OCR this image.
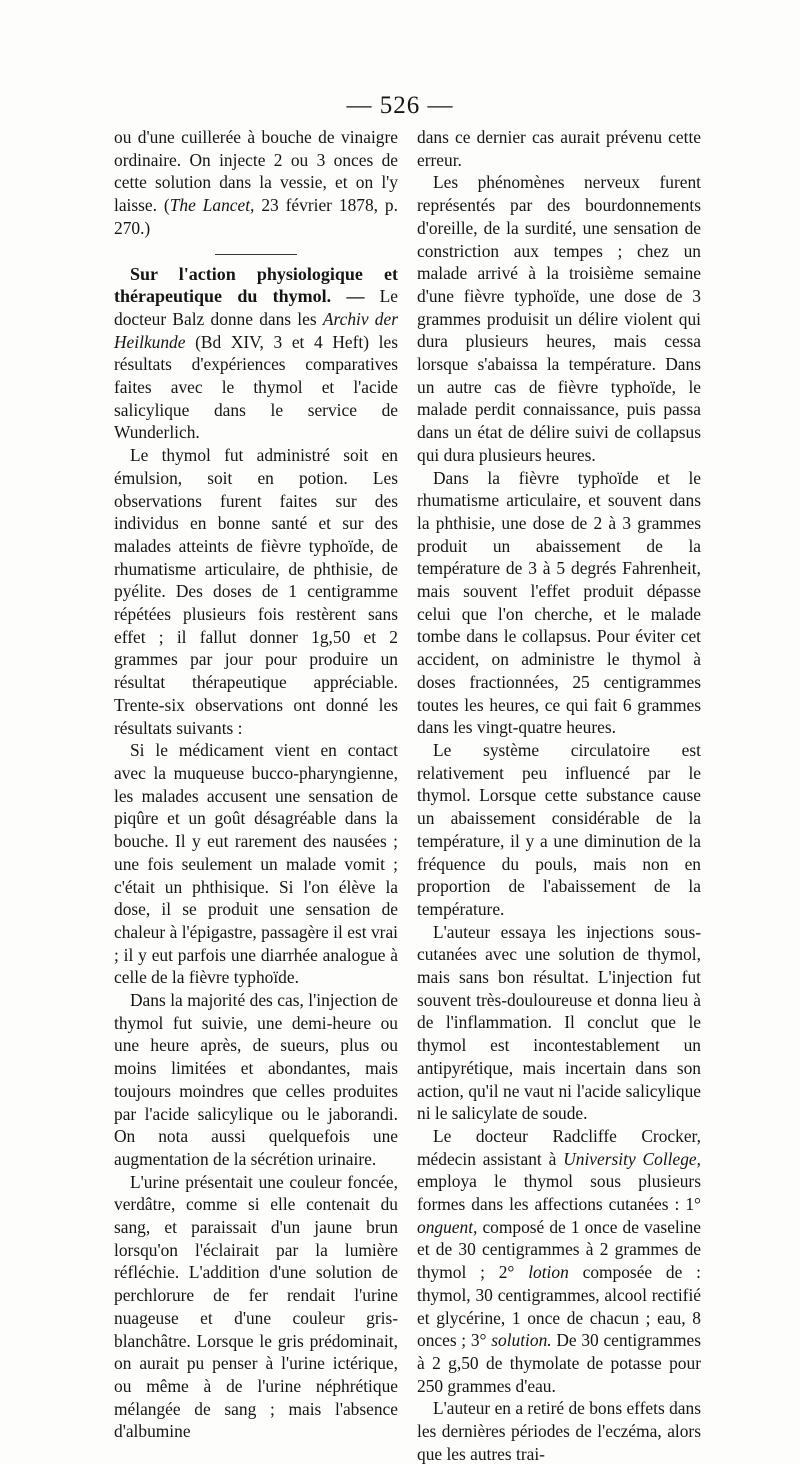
— 526 —

ou d'une cuillerée à bouche de vinaigre ordinaire. On injecte 2 ou 3 onces de cette solution dans la vessie, et on l'y laisse. (The Lancet, 23 février 1878, p. 270.)

Sur l'action physiologique et thérapeutique du thymol. — Le docteur Balz donne dans les Archiv der Heilkunde (Bd XIV, 3 et 4 Heft) les résultats d'expériences comparatives faites avec le thymol et l'acide salicylique dans le service de Wunderlich.

Le thymol fut administré soit en émulsion, soit en potion. Les observations furent faites sur des individus en bonne santé et sur des malades atteints de fièvre typhoïde, de rhumatisme articulaire, de phthisie, de pyélite. Des doses de 1 centigramme répétées plusieurs fois restèrent sans effet ; il fallut donner 1g,50 et 2 grammes par jour pour produire un résultat thérapeutique appréciable. Trente-six observations ont donné les résultats suivants :

Si le médicament vient en contact avec la muqueuse bucco-pharyngienne, les malades accusent une sensation de piqûre et un goût désagréable dans la bouche. Il y eut rarement des nausées ; une fois seulement un malade vomit ; c'était un phthisique. Si l'on élève la dose, il se produit une sensation de chaleur à l'épigastre, passagère il est vrai ; il y eut parfois une diarrhée analogue à celle de la fièvre typhoïde.

Dans la majorité des cas, l'injection de thymol fut suivie, une demi-heure ou une heure après, de sueurs, plus ou moins limitées et abondantes, mais toujours moindres que celles produites par l'acide salicylique ou le jaborandi. On nota aussi quelquefois une augmentation de la sécrétion urinaire.

L'urine présentait une couleur foncée, verdâtre, comme si elle contenait du sang, et paraissait d'un jaune brun lorsqu'on l'éclairait par la lumière réfléchie. L'addition d'une solution de perchlorure de fer rendait l'urine nuageuse et d'une couleur gris-blanchâtre. Lorsque le gris prédominait, on aurait pu penser à l'urine ictérique, ou même à de l'urine néphrétique mélangée de sang ; mais l'absence d'albumine

dans ce dernier cas aurait prévenu cette erreur.

Les phénomènes nerveux furent représentés par des bourdonnements d'oreille, de la surdité, une sensation de constriction aux tempes ; chez un malade arrivé à la troisième semaine d'une fièvre typhoïde, une dose de 3 grammes produisit un délire violent qui dura plusieurs heures, mais cessa lorsque s'abaissa la température. Dans un autre cas de fièvre typhoïde, le malade perdit connaissance, puis passa dans un état de délire suivi de collapsus qui dura plusieurs heures.

Dans la fièvre typhoïde et le rhumatisme articulaire, et souvent dans la phthisie, une dose de 2 à 3 grammes produit un abaissement de la température de 3 à 5 degrés Fahrenheit, mais souvent l'effet produit dépasse celui que l'on cherche, et le malade tombe dans le collapsus. Pour éviter cet accident, on administre le thymol à doses fractionnées, 25 centigrammes toutes les heures, ce qui fait 6 grammes dans les vingt-quatre heures.

Le système circulatoire est relativement peu influencé par le thymol. Lorsque cette substance cause un abaissement considérable de la température, il y a une diminution de la fréquence du pouls, mais non en proportion de l'abaissement de la température.

L'auteur essaya les injections sous-cutanées avec une solution de thymol, mais sans bon résultat. L'injection fut souvent très-douloureuse et donna lieu à de l'inflammation. Il conclut que le thymol est incontestablement un antipyrétique, mais incertain dans son action, qu'il ne vaut ni l'acide salicylique ni le salicylate de soude.

Le docteur Radcliffe Crocker, médecin assistant à University College, employa le thymol sous plusieurs formes dans les affections cutanées : 1° onguent, composé de 1 once de vaseline et de 30 centigrammes à 2 grammes de thymol ; 2° lotion composée de : thymol, 30 centigrammes, alcool rectifié et glycérine, 1 once de chacun ; eau, 8 onces ; 3° solution. De 30 centigrammes à 2 g,50 de thymolate de potasse pour 250 grammes d'eau.

L'auteur en a retiré de bons effets dans les dernières périodes de l'eczéma, alors que les autres trai-
